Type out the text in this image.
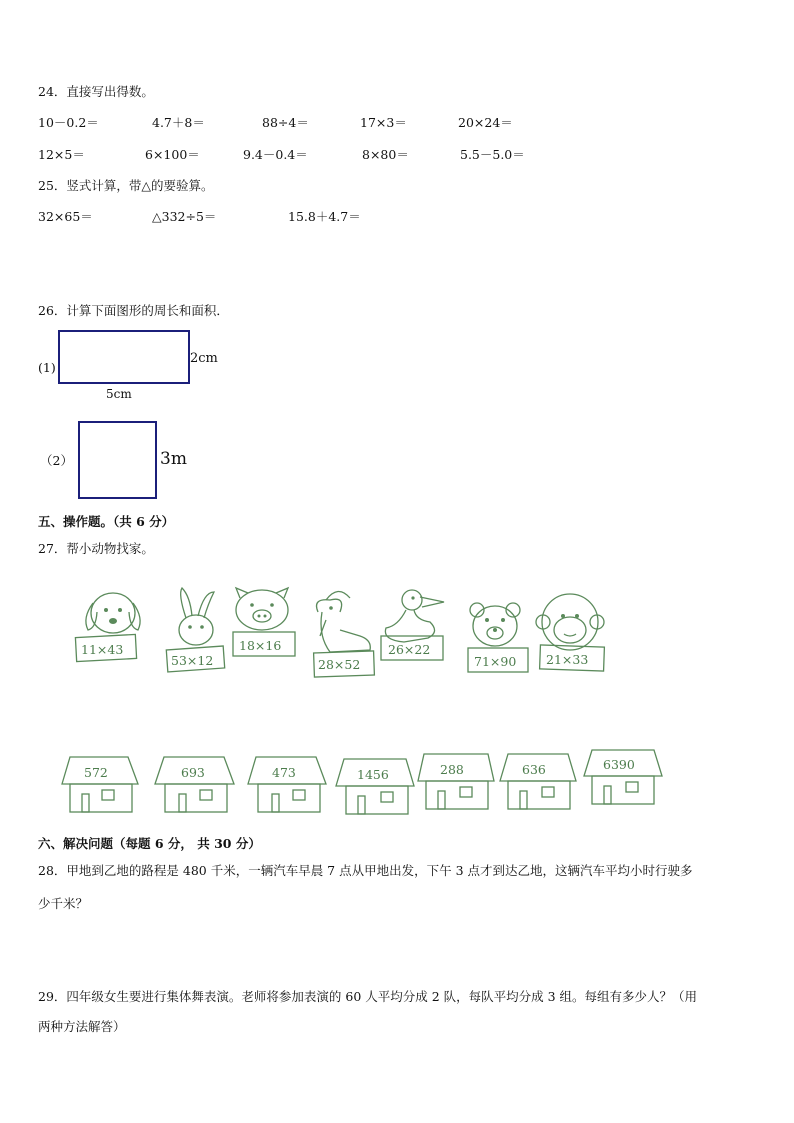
24．直接写出得数。
10－0.2＝	4.7＋8＝	88÷4＝	17×3＝	20×24＝
12×5＝	6×100＝	9.4－0.4＝	8×80＝	5.5－5.0＝
25．竖式计算，带△的要验算。
32×65＝	△332÷5＝	15.8＋4.7＝
26．计算下面图形的周长和面积．
(1)
2cm
5cm
（2）	3m
五、操作题。（共 6 分）
27．帮小动物找家。
11×43
53×12
18×16
28×52
26×22
71×90 21×33
572	693	473	1456	288	636	6390
六、解决问题（每题 6 分， 共 30 分）
28．甲地到乙地的路程是 480 千米，一辆汽车早晨 7 点从甲地出发，下午 3 点才到达乙地，这辆汽车平均小时行驶多
少千米？
29．四年级女生要进行集体舞表演。老师将参加表演的 60 人平均分成 2 队，每队平均分成 3 组。每组有多少人？（用
两种方法解答）
